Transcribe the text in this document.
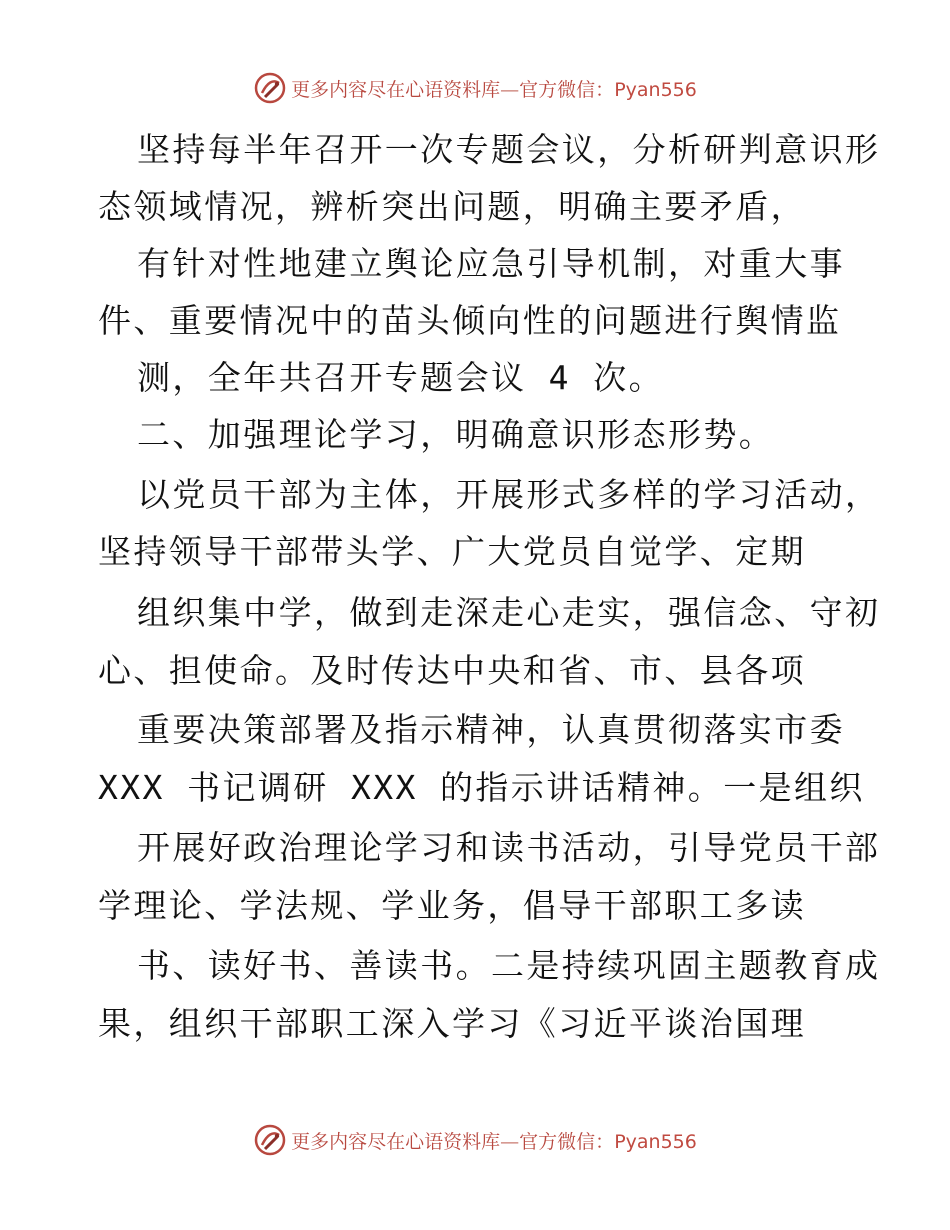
更多内容尽在心语资料库—官方微信：Pyan556
坚持每半年召开一次专题会议，分析研判意识形
态领域情况，辨析突出问题，明确主要矛盾，
有针对性地建立舆论应急引导机制，对重大事
件、重要情况中的苗头倾向性的问题进行舆情监
测，全年共召开专题会议 4 次。
二、加强理论学习，明确意识形态形势。
以党员干部为主体，开展形式多样的学习活动，
坚持领导干部带头学、广大党员自觉学、定期
组织集中学，做到走深走心走实，强信念、守初
心、担使命。及时传达中央和省、市、县各项
重要决策部署及指示精神，认真贯彻落实市委
XXX 书记调研 XXX 的指示讲话精神。一是组织
开展好政治理论学习和读书活动，引导党员干部
学理论、学法规、学业务，倡导干部职工多读
书、读好书、善读书。二是持续巩固主题教育成
果，组织干部职工深入学习《习近平谈治国理
更多内容尽在心语资料库—官方微信：Pyan556
